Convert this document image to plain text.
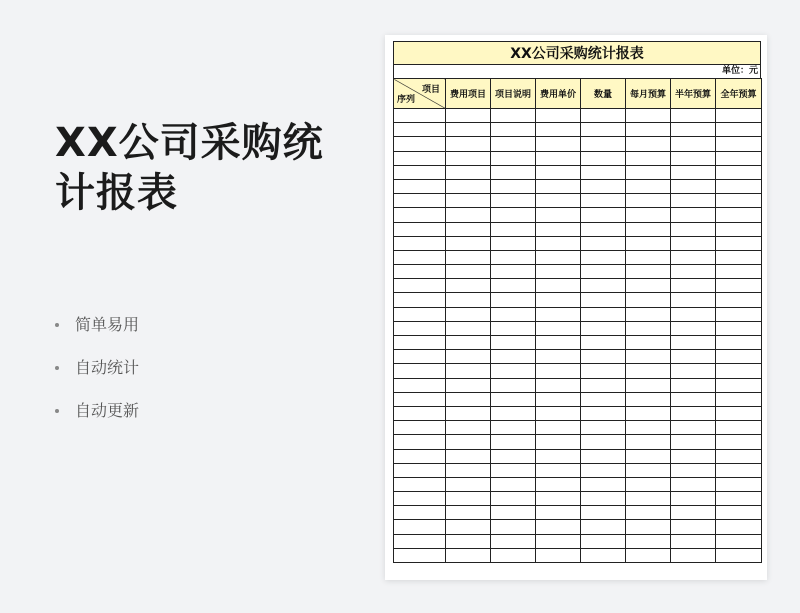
XX公司采购统计报表
简单易用
自动统计
自动更新
XX公司采购统计报表
单位：元
项目
序列	费用项目	项目说明	费用单价	数量	每月预算	半年预算	全年预算
